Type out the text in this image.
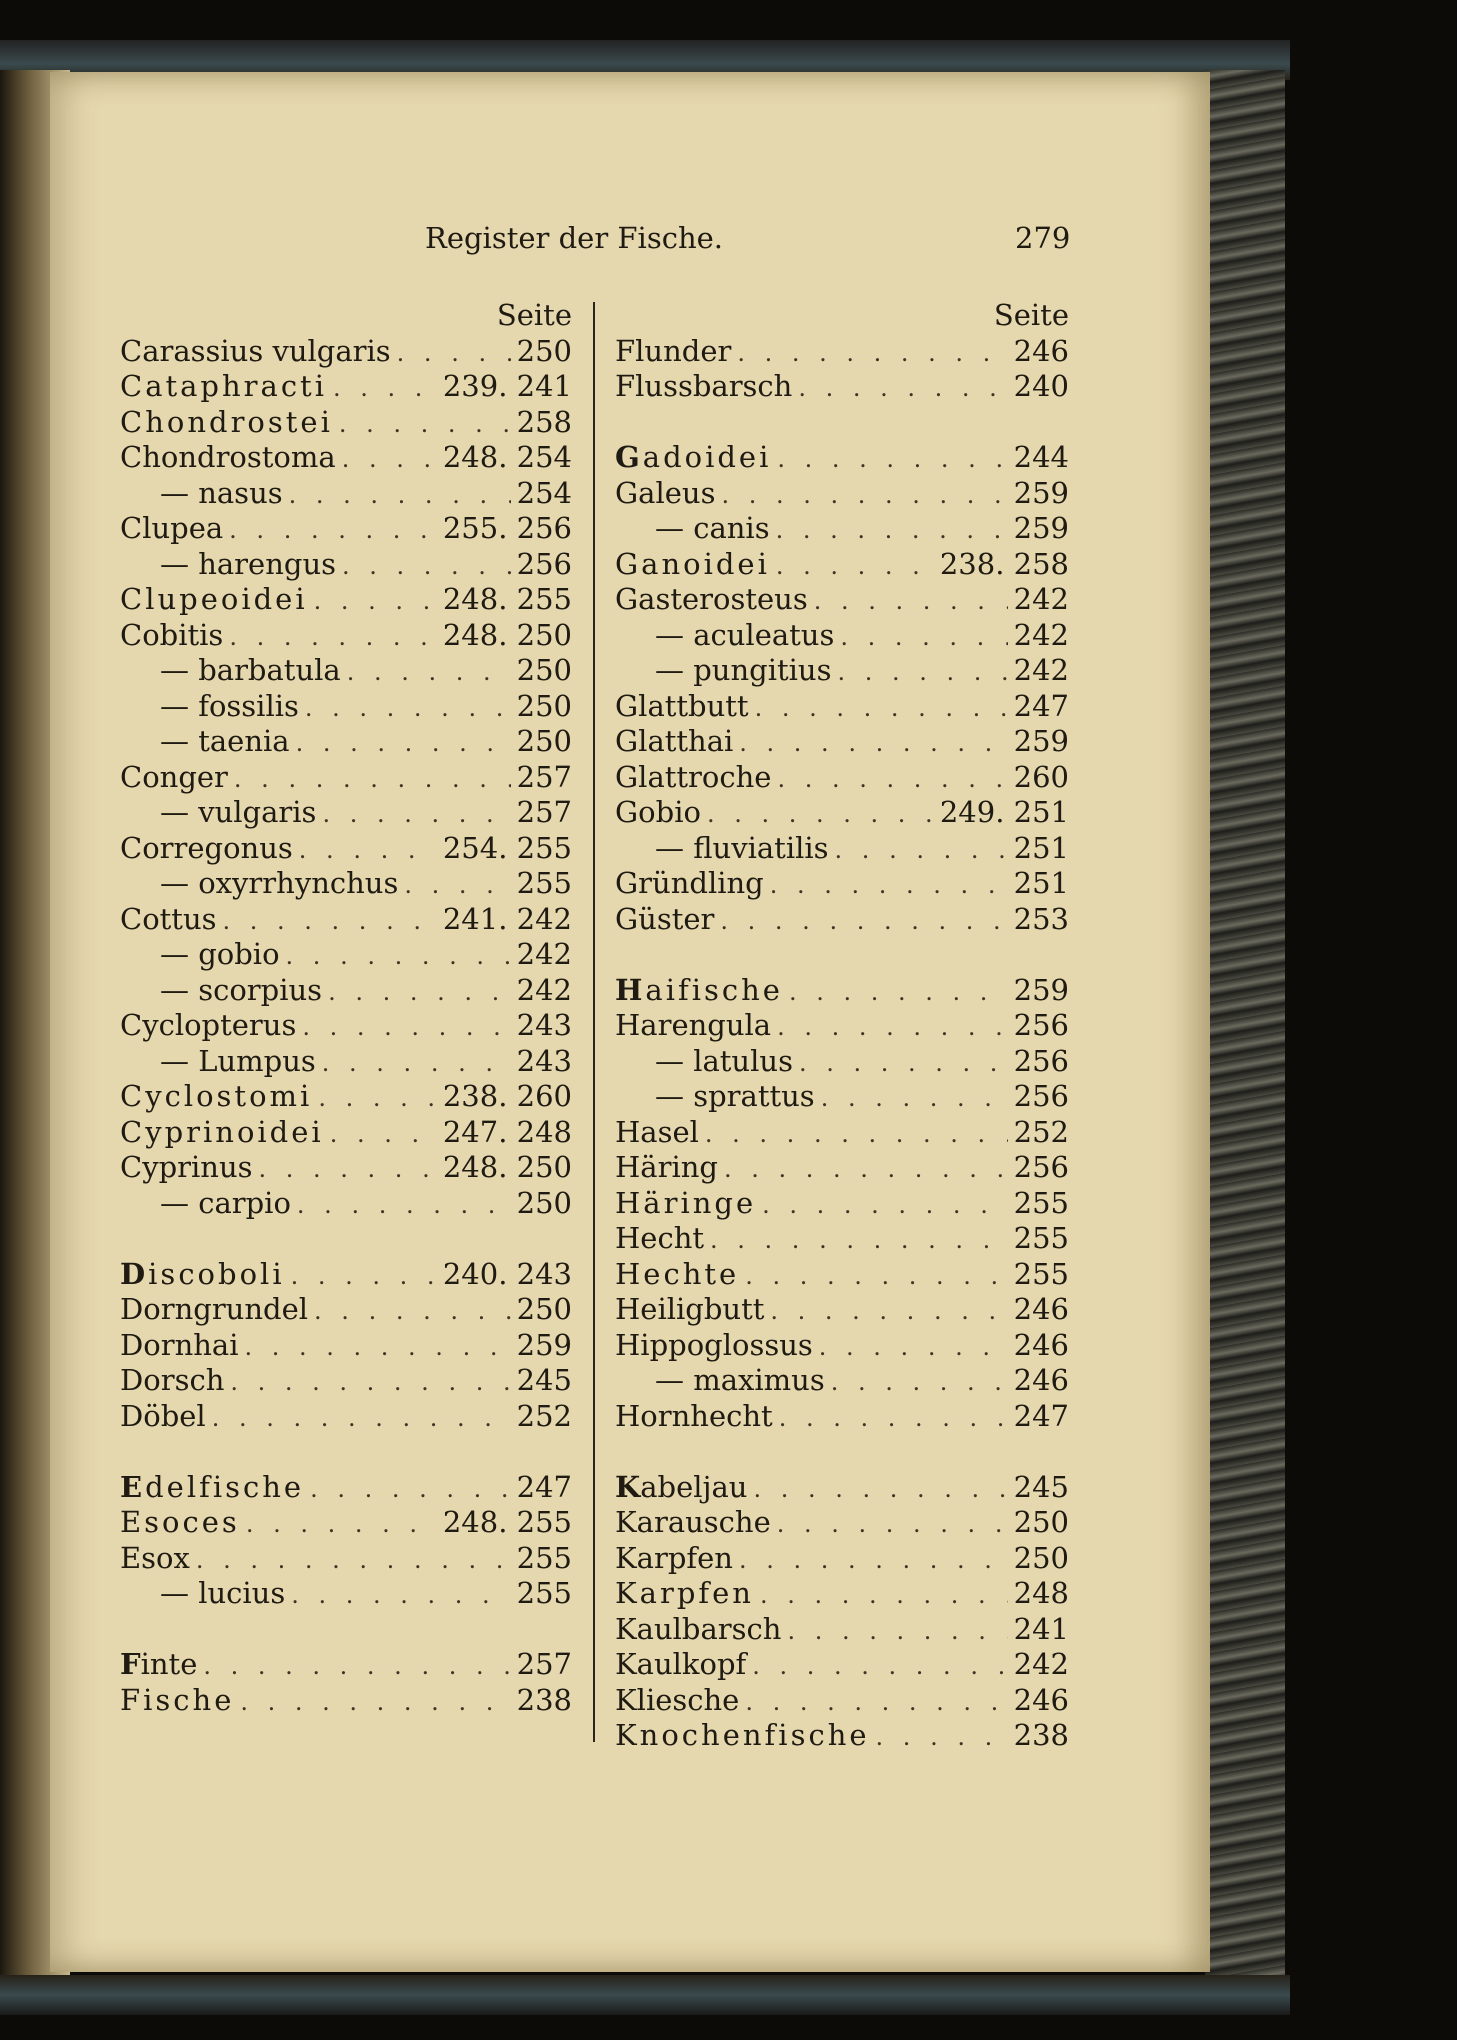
Register der Fische.	279
Seite
Carassius vulgaris . . .	250
Cataphracti . . .	239. 241
Chondrostei . . .	258
Chondrostoma . . .	248. 254
— nasus . . .	254
Clupea . . .	255. 256
— harengus . . .	256
Clupeoidei . . .	248. 255
Cobitis . . .	248. 250
— barbatula . . .	250
— fossilis . . .	250
— taenia . . .	250
Conger . . .	257
— vulgaris . . .	257
Corregonus . . .	254. 255
— oxyrrhynchus . . .	255
Cottus . . .	241. 242
— gobio . . .	242
— scorpius . . .	242
Cyclopterus . . .	243
— Lumpus . . .	243
Cyclostomi . . .	238. 260
Cyprinoidei . . .	247. 248
Cyprinus . . .	248. 250
— carpio . . .	250
Discoboli . . .	240. 243
Dorngrundel . . .	250
Dornhai . . .	259
Dorsch . . .	245
Döbel . . .	252
Edelfische . . .	247
Esoces . . .	248. 255
Esox . . .	255
— lucius . . .	255
Finte . . .	257
Fische . . .	238
Seite
Flunder . . .	246
Flussbarsch . . .	240
Gadoidei . . .	244
Galeus . . .	259
— canis . . .	259
Ganoidei . . .	238. 258
Gasterosteus . . .	242
— aculeatus . . .	242
— pungitius . . .	242
Glattbutt . . .	247
Glatthai . . .	259
Glattroche . . .	260
Gobio . . .	249. 251
— fluviatilis . . .	251
Gründling . . .	251
Güster . . .	253
Haifische . . .	259
Harengula . . .	256
— latulus . . .	256
— sprattus . . .	256
Hasel . . .	252
Häring . . .	256
Häringe . . .	255
Hecht . . .	255
Hechte . . .	255
Heiligbutt . . .	246
Hippoglossus . . .	246
— maximus . . .	246
Hornhecht . . .	247
Kabeljau . . .	245
Karausche . . .	250
Karpfen . . .	250
Karpfen . . .	248
Kaulbarsch . . .	241
Kaulkopf . . .	242
Kliesche . . .	246
Knochenfische . . .	238
